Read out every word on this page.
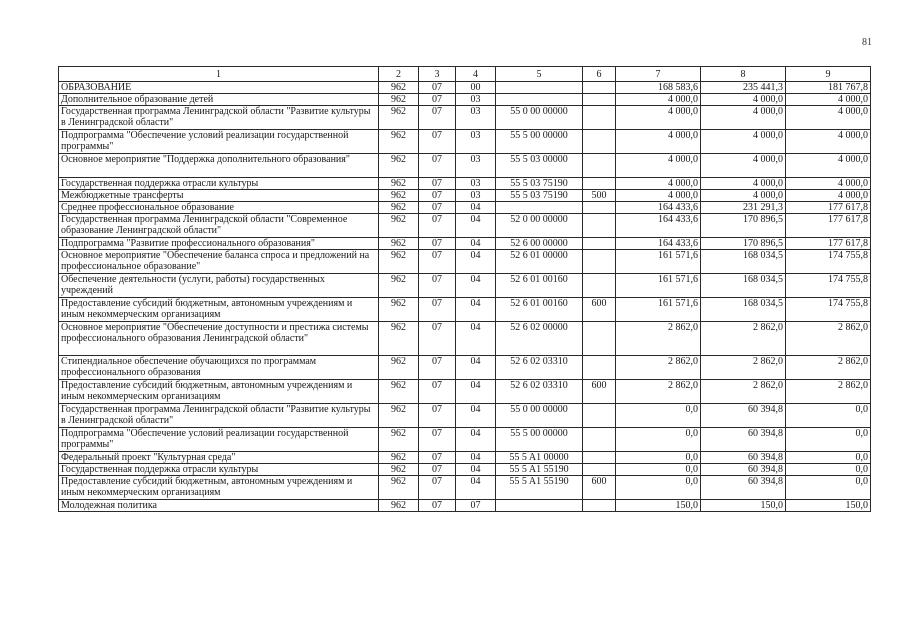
81
1	2	3	4	5	6	7	8	9
ОБРАЗОВАНИЕ	962	07	00			168 583,6	235 441,3	181 767,8
Дополнительное образование детей	962	07	03			4 000,0	4 000,0	4 000,0
Государственная программа Ленинградской области "Развитие культуры в Ленинградской области"	962	07	03	55 0 00 00000		4 000,0	4 000,0	4 000,0
Подпрограмма "Обеспечение условий реализации государственной программы"	962	07	03	55 5 00 00000		4 000,0	4 000,0	4 000,0
Основное мероприятие "Поддержка дополнительного образования"	962	07	03	55 5 03 00000		4 000,0	4 000,0	4 000,0
Государственная поддержка отрасли культуры	962	07	03	55 5 03 75190		4 000,0	4 000,0	4 000,0
Межбюджетные трансферты	962	07	03	55 5 03 75190	500	4 000,0	4 000,0	4 000,0
Среднее профессиональное образование	962	07	04			164 433,6	231 291,3	177 617,8
Государственная программа Ленинградской области "Современное образование Ленинградской области"	962	07	04	52 0 00 00000		164 433,6	170 896,5	177 617,8
Подпрограмма "Развитие профессионального образования"	962	07	04	52 6 00 00000		164 433,6	170 896,5	177 617,8
Основное мероприятие "Обеспечение баланса спроса и предложений на профессиональное образование"	962	07	04	52 6 01 00000		161 571,6	168 034,5	174 755,8
Обеспечение деятельности (услуги, работы) государственных учреждений	962	07	04	52 6 01 00160		161 571,6	168 034,5	174 755,8
Предоставление субсидий бюджетным, автономным учреждениям и иным некоммерческим организациям	962	07	04	52 6 01 00160	600	161 571,6	168 034,5	174 755,8
Основное мероприятие "Обеспечение доступности и престижа системы профессионального образования Ленинградской области"	962	07	04	52 6 02 00000		2 862,0	2 862,0	2 862,0
Стипендиальное обеспечение обучающихся по программам профессионального образования	962	07	04	52 6 02 03310		2 862,0	2 862,0	2 862,0
Предоставление субсидий бюджетным, автономным учреждениям и иным некоммерческим организациям	962	07	04	52 6 02 03310	600	2 862,0	2 862,0	2 862,0
Государственная программа Ленинградской области "Развитие культуры в Ленинградской области"	962	07	04	55 0 00 00000		0,0	60 394,8	0,0
Подпрограмма "Обеспечение условий реализации государственной программы"	962	07	04	55 5 00 00000		0,0	60 394,8	0,0
Федеральный проект "Культурная среда"	962	07	04	55 5 A1 00000		0,0	60 394,8	0,0
Государственная поддержка отрасли культуры	962	07	04	55 5 A1 55190		0,0	60 394,8	0,0
Предоставление субсидий бюджетным, автономным учреждениям и иным некоммерческим организациям	962	07	04	55 5 A1 55190	600	0,0	60 394,8	0,0
Молодежная политика	962	07	07			150,0	150,0	150,0
